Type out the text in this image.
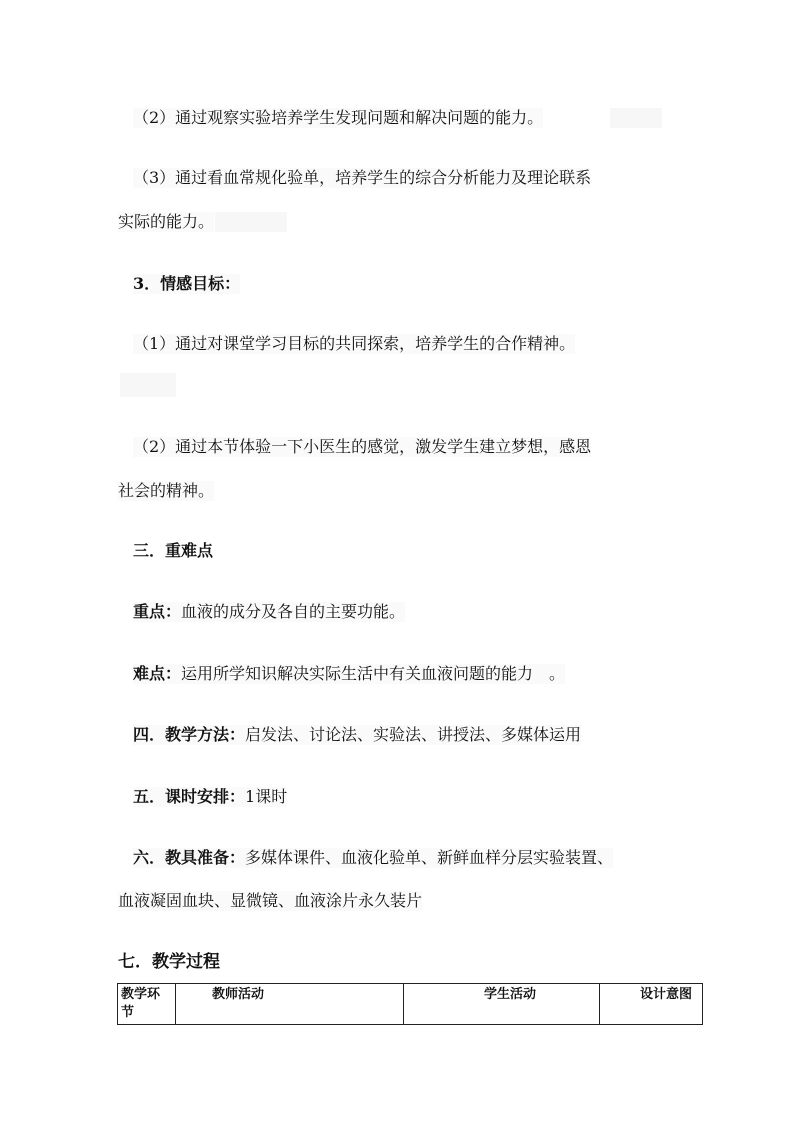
（2）通过观察实验培养学生发现问题和解决问题的能力。
（3）通过看血常规化验单，培养学生的综合分析能力及理论联系
实际的能力。
3．情感目标：
（1）通过对课堂学习目标的共同探索，培养学生的合作精神。
（2）通过本节体验一下小医生的感觉，激发学生建立梦想，感恩
社会的精神。
三．重难点
重点：血液的成分及各自的主要功能。
难点：运用所学知识解决实际生活中有关血液问题的能力　。
四．教学方法：启发法、讨论法、实验法、讲授法、多媒体运用
五．课时安排：1课时
六．教具准备：多媒体课件、血液化验单、新鲜血样分层实验装置、
血液凝固血块、显微镜、血液涂片永久装片
七．教学过程
教学环节	教师活动	学生活动	设计意图
